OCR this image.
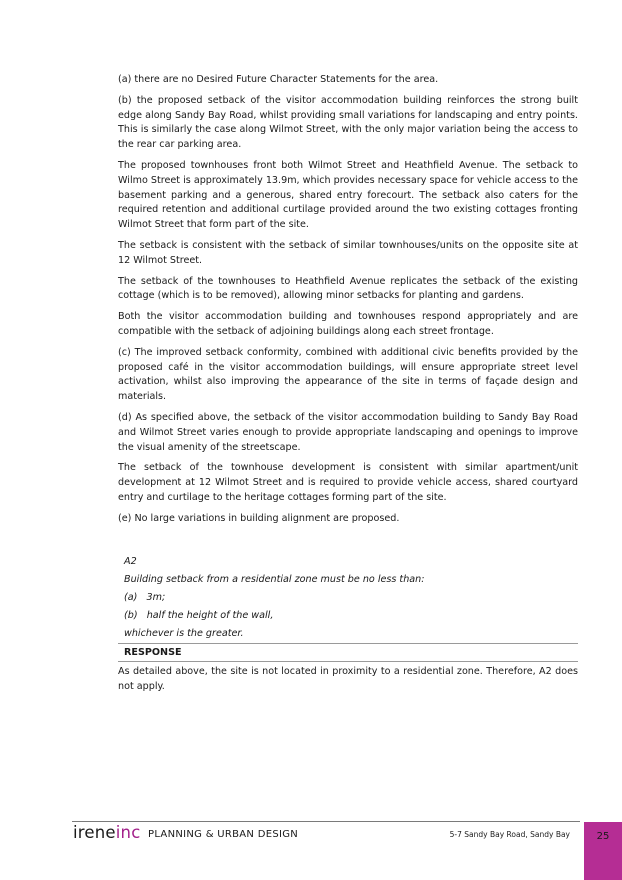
(a) there are no Desired Future Character Statements for the area.

(b) the proposed setback of the visitor accommodation building reinforces the strong built edge along Sandy Bay Road, whilst providing small variations for landscaping and entry points. This is similarly the case along Wilmot Street, with the only major variation being the access to the rear car parking area.

The proposed townhouses front both Wilmot Street and Heathfield Avenue. The setback to Wilmo Street is approximately 13.9m, which provides necessary space for vehicle access to the basement parking and a generous, shared entry forecourt. The setback also caters for the required retention and additional curtilage provided around the two existing cottages fronting Wilmot Street that form part of the site.

The setback is consistent with the setback of similar townhouses/units on the opposite site at 12 Wilmot Street.

The setback of the townhouses to Heathfield Avenue replicates the setback of the existing cottage (which is to be removed), allowing minor setbacks for planting and gardens.

Both the visitor accommodation building and townhouses respond appropriately and are compatible with the setback of adjoining buildings along each street frontage.

(c) The improved setback conformity, combined with additional civic benefits provided by the proposed café in the visitor accommodation buildings, will ensure appropriate street level activation, whilst also improving the appearance of the site in terms of façade design and materials.

(d) As specified above, the setback of the visitor accommodation building to Sandy Bay Road and Wilmot Street varies enough to provide appropriate landscaping and openings to improve the visual amenity of the streetscape.

The setback of the townhouse development is consistent with similar apartment/unit development at 12 Wilmot Street and is required to provide vehicle access, shared courtyard entry and curtilage to the heritage cottages forming part of the site.

(e) No large variations in building alignment are proposed.

A2
Building setback from a residential zone must be no less than:
(a)   3m;
(b)   half the height of the wall,
whichever is the greater.
RESPONSE
As detailed above, the site is not located in proximity to a residential zone. Therefore, A2 does not apply.
ireneinc PLANNING & URBAN DESIGN	5-7 Sandy Bay Road, Sandy Bay	25
